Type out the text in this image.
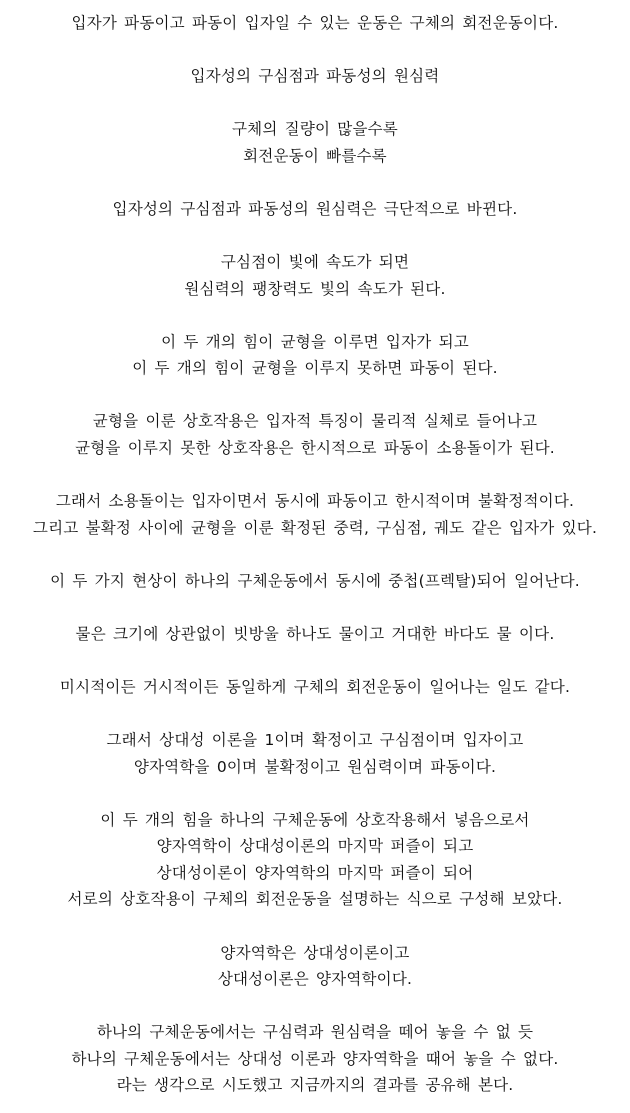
입자가 파동이고 파동이 입자일 수 있는 운동은 구체의 회전운동이다.

입자성의 구심점과 파동성의 원심력

구체의 질량이 많을수록
회전운동이 빠를수록

입자성의 구심점과 파동성의 원심력은 극단적으로 바뀐다.

구심점이 빛에 속도가 되면
원심력의 팽창력도 빛의 속도가 된다.

이 두 개의 힘이 균형을 이루면 입자가 되고
이 두 개의 힘이 균형을 이루지 못하면 파동이 된다.

균형을 이룬 상호작용은 입자적 특징이 물리적 실체로 들어나고
균형을 이루지 못한 상호작용은 한시적으로 파동이 소용돌이가 된다.

그래서 소용돌이는 입자이면서 동시에 파동이고 한시적이며 불확정적이다.
그리고 불확정 사이에 균형을 이룬 확정된 중력, 구심점, 궤도 같은 입자가 있다.

이 두 가지 현상이 하나의 구체운동에서 동시에 중첩(프렉탈)되어 일어난다.

물은 크기에 상관없이 빗방울 하나도 물이고 거대한 바다도 물 이다.

미시적이든 거시적이든 동일하게 구체의 회전운동이 일어나는 일도 같다.

그래서 상대성 이론을 1이며 확정이고 구심점이며 입자이고
양자역학을 0이며 불확정이고 원심력이며 파동이다.

이 두 개의 힘을 하나의 구체운동에 상호작용해서 넣음으로서
양자역학이 상대성이론의 마지막 퍼즐이 되고
상대성이론이 양자역학의 마지막 퍼즐이 되어
서로의 상호작용이 구체의 회전운동을 설명하는 식으로 구성해 보았다.

양자역학은 상대성이론이고
상대성이론은 양자역학이다.

하나의 구체운동에서는 구심력과 원심력을 떼어 놓을 수 없 듯
하나의 구체운동에서는 상대성 이론과 양자역학을 때어 놓을 수 없다.
라는 생각으로 시도했고 지금까지의 결과를 공유해 본다.
